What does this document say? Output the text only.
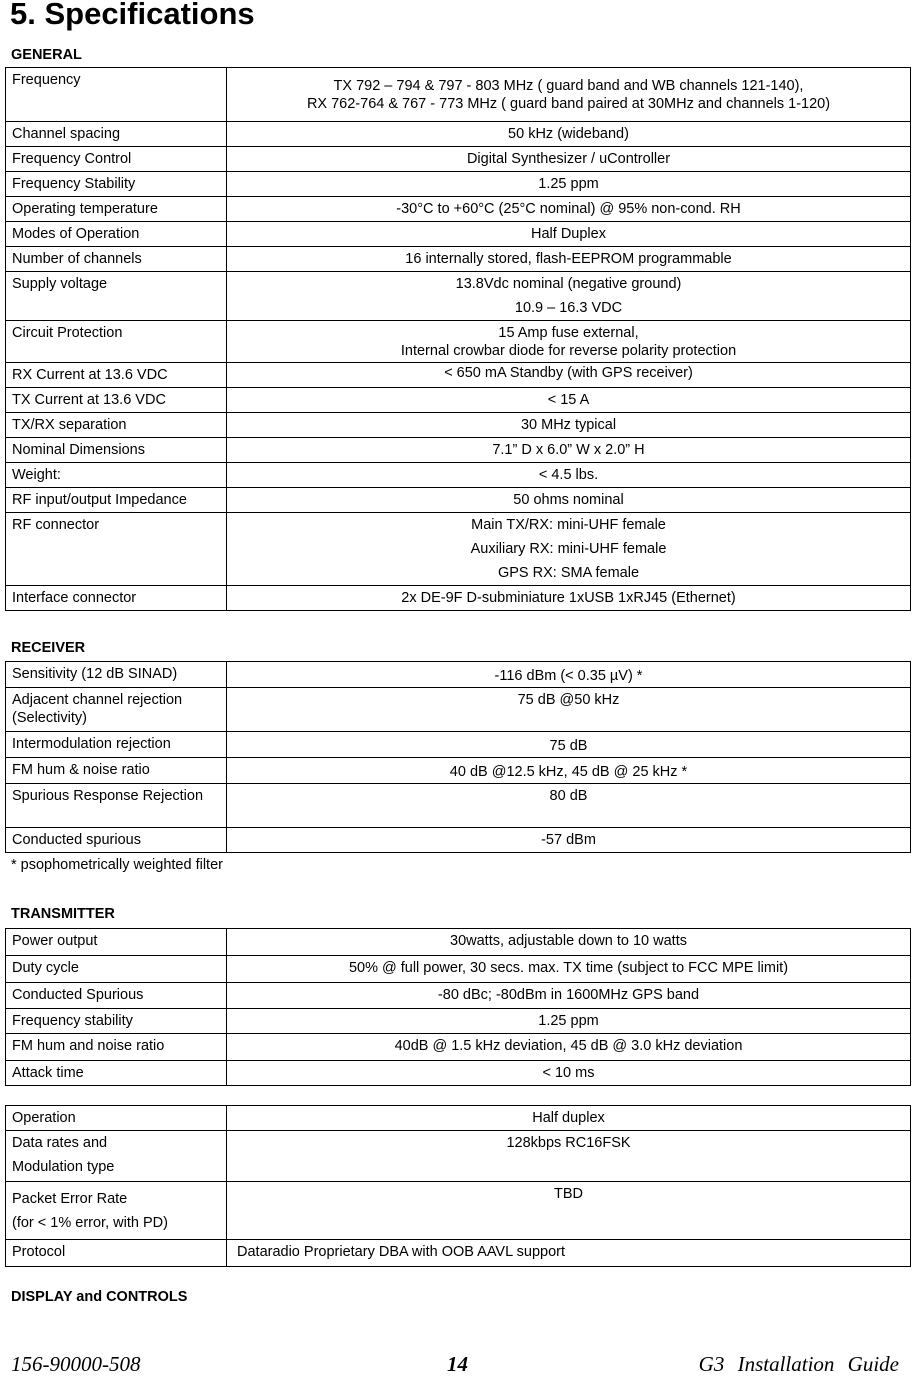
5. Specifications
GENERAL
Frequency	TX 792 – 794 & 797 - 803 MHz ( guard band and WB channels 121-140),
RX 762-764 & 767 - 773 MHz ( guard band paired at 30MHz and channels 1-120)

Channel spacing	50 kHz (wideband)
Frequency Control	Digital Synthesizer / uController
Frequency Stability	1.25 ppm
Operating temperature	-30°C to +60°C (25°C nominal) @ 95% non-cond. RH
Modes of Operation	Half Duplex
Number of channels	16 internally stored, flash-EEPROM programmable
Supply voltage	13.8Vdc nominal (negative ground)
10.9 – 16.3 VDC

Circuit Protection	15 Amp fuse external,
Internal crowbar diode for reverse polarity protection

RX Current at 13.6 VDC	< 650 mA Standby (with GPS receiver)
TX Current at 13.6 VDC	< 15 A
TX/RX separation	30 MHz typical
Nominal Dimensions	7.1” D x 6.0” W x 2.0” H
Weight:	< 4.5 lbs.
RF input/output Impedance	50 ohms nominal
RF connector	Main TX/RX: mini-UHF female
Auxiliary RX: mini-UHF female
GPS RX: SMA female

Interface connector	2x DE-9F D-subminiature 1xUSB 1xRJ45 (Ethernet)
RECEIVER
Sensitivity (12 dB SINAD)	-116 dBm (< 0.35 µV) *
Adjacent channel rejection (Selectivity)	75 dB @50 kHz
Intermodulation rejection	75 dB
FM hum & noise ratio	40 dB @12.5 kHz, 45 dB @ 25 kHz *
Spurious Response Rejection	80 dB
Conducted spurious	-57 dBm

* psophometrically weighted filter

TRANSMITTER
Power output	30watts, adjustable down to 10 watts
Duty cycle	50% @ full power, 30 secs. max. TX time (subject to FCC MPE limit)
Conducted Spurious	-80 dBc; -80dBm in 1600MHz GPS band
Frequency stability	1.25 ppm
FM hum and noise ratio	40dB @ 1.5 kHz deviation, 45 dB @ 3.0 kHz deviation
Attack time	< 10 ms
Operation	Half duplex

Data rates and
Modulation type	128kbps RC16FSK

Packet Error Rate
(for < 1% error, with PD)	TBD
Protocol	Dataradio Proprietary DBA with OOB AAVL support
DISPLAY and CONTROLS
156-90000-508	14	G3 Installation Guide
